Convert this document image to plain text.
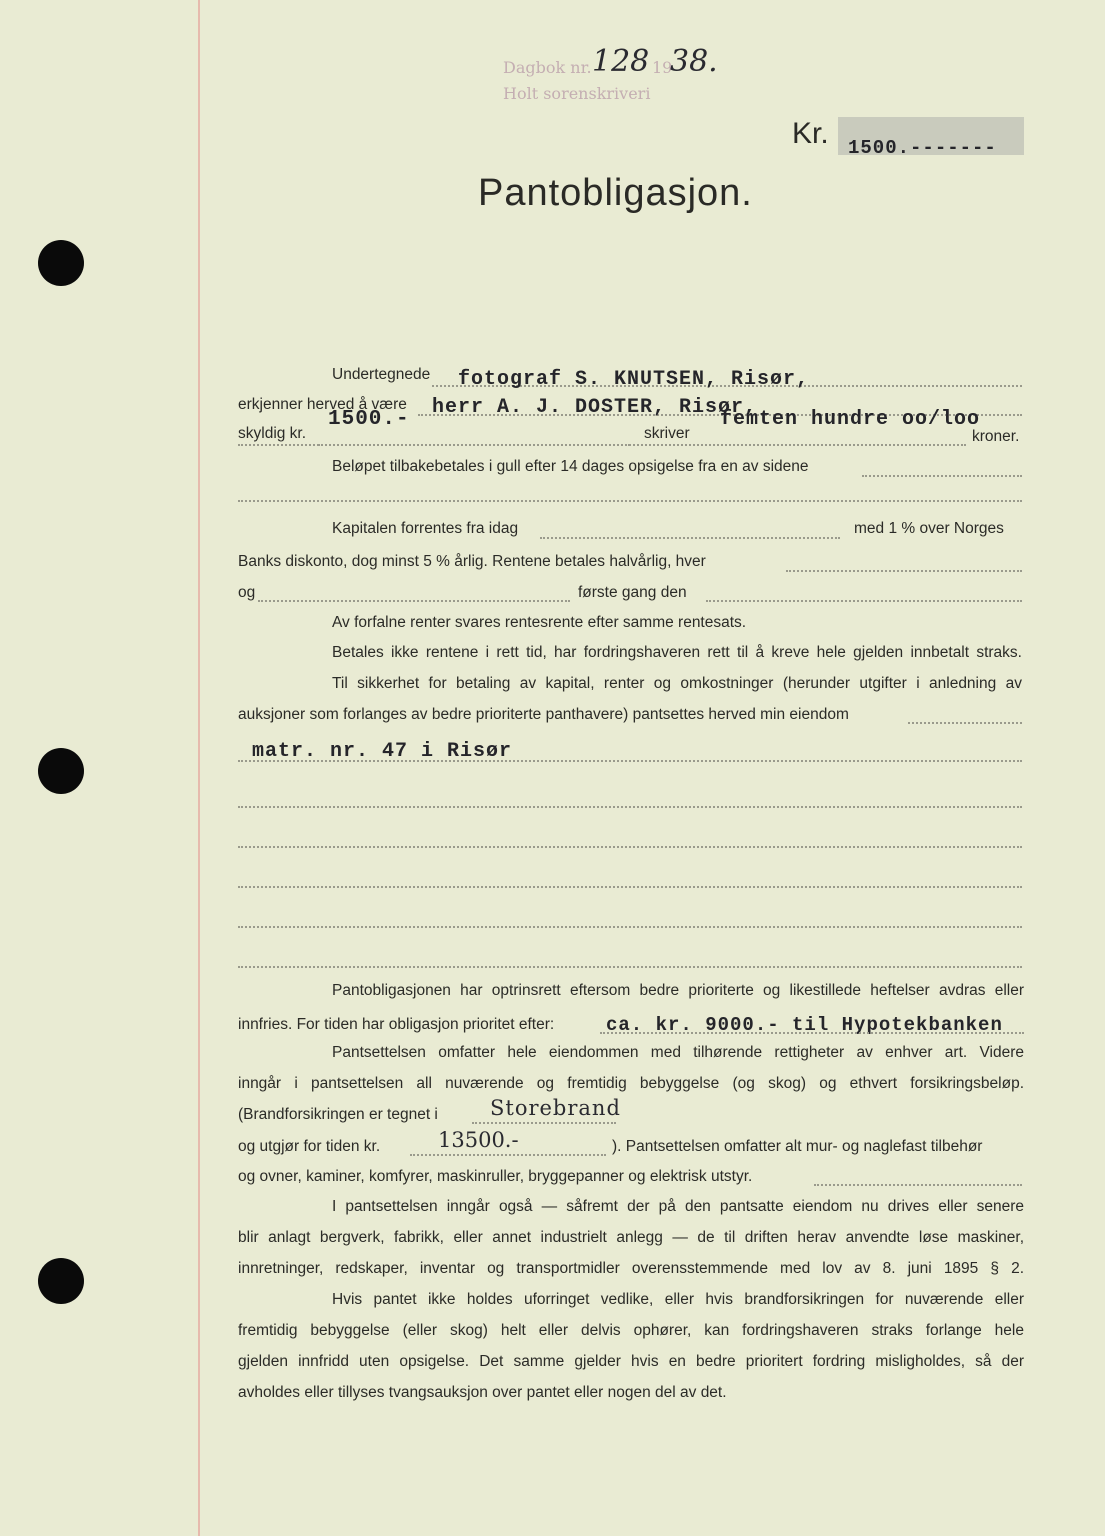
Dagbok nr. 128 19
38.
Holt sorenskriveri
Kr. 1500.-------
Pantobligasjon.
Undertegnede fotograf S. KNUTSEN, Risør,
erkjenner herved å være herr A. J. DOSTER, Risør,
skyldig kr.
1500.-
skriver
femten hundre oo/loo
kroner.
Beløpet tilbakebetales i gull efter 14 dages opsigelse fra en av sidene
Kapitalen forrentes fra idag	med 1 % over Norges
Banks diskonto, dog minst 5 % årlig. Rentene betales halvårlig, hver
og	første gang den
Av forfalne renter svares rentesrente efter samme rentesats.
Betales ikke rentene i rett tid, har fordringshaveren rett til å kreve hele gjelden innbetalt straks.
Til sikkerhet for betaling av kapital, renter og omkostninger (herunder utgifter i anledning av
auksjoner som forlanges av bedre prioriterte panthavere) pantsettes herved min eiendom
matr. nr. 47 i Risør
Pantobligasjonen har optrinsrett eftersom bedre prioriterte og likestillede heftelser avdras eller
innfries. For tiden har obligasjon prioritet efter:	ca. kr. 9000.- til Hypotekbanken
Pantsettelsen omfatter hele eiendommen med tilhørende rettigheter av enhver art. Videre
inngår i pantsettelsen all nuværende og fremtidig bebyggelse (og skog) og ethvert forsikringsbeløp.
(Brandforsikringen er tegnet i Storebrand
og utgjør for tiden kr.	13500.-	). Pantsettelsen omfatter alt mur- og naglefast tilbehør
og ovner, kaminer, komfyrer, maskinruller, bryggepanner og elektrisk utstyr.
I pantsettelsen inngår også — såfremt der på den pantsatte eiendom nu drives eller senere
blir anlagt bergverk, fabrikk, eller annet industrielt anlegg — de til driften herav anvendte løse maskiner,
innretninger, redskaper, inventar og transportmidler overensstemmende med lov av 8. juni 1895 § 2.
Hvis pantet ikke holdes uforringet vedlike, eller hvis brandforsikringen for nuværende eller
fremtidig bebyggelse (eller skog) helt eller delvis ophører, kan fordringshaveren straks forlange hele
gjelden innfridd uten opsigelse. Det samme gjelder hvis en bedre prioritert fordring misligholdes, så der
avholdes eller tillyses tvangsauksjon over pantet eller nogen del av det.
